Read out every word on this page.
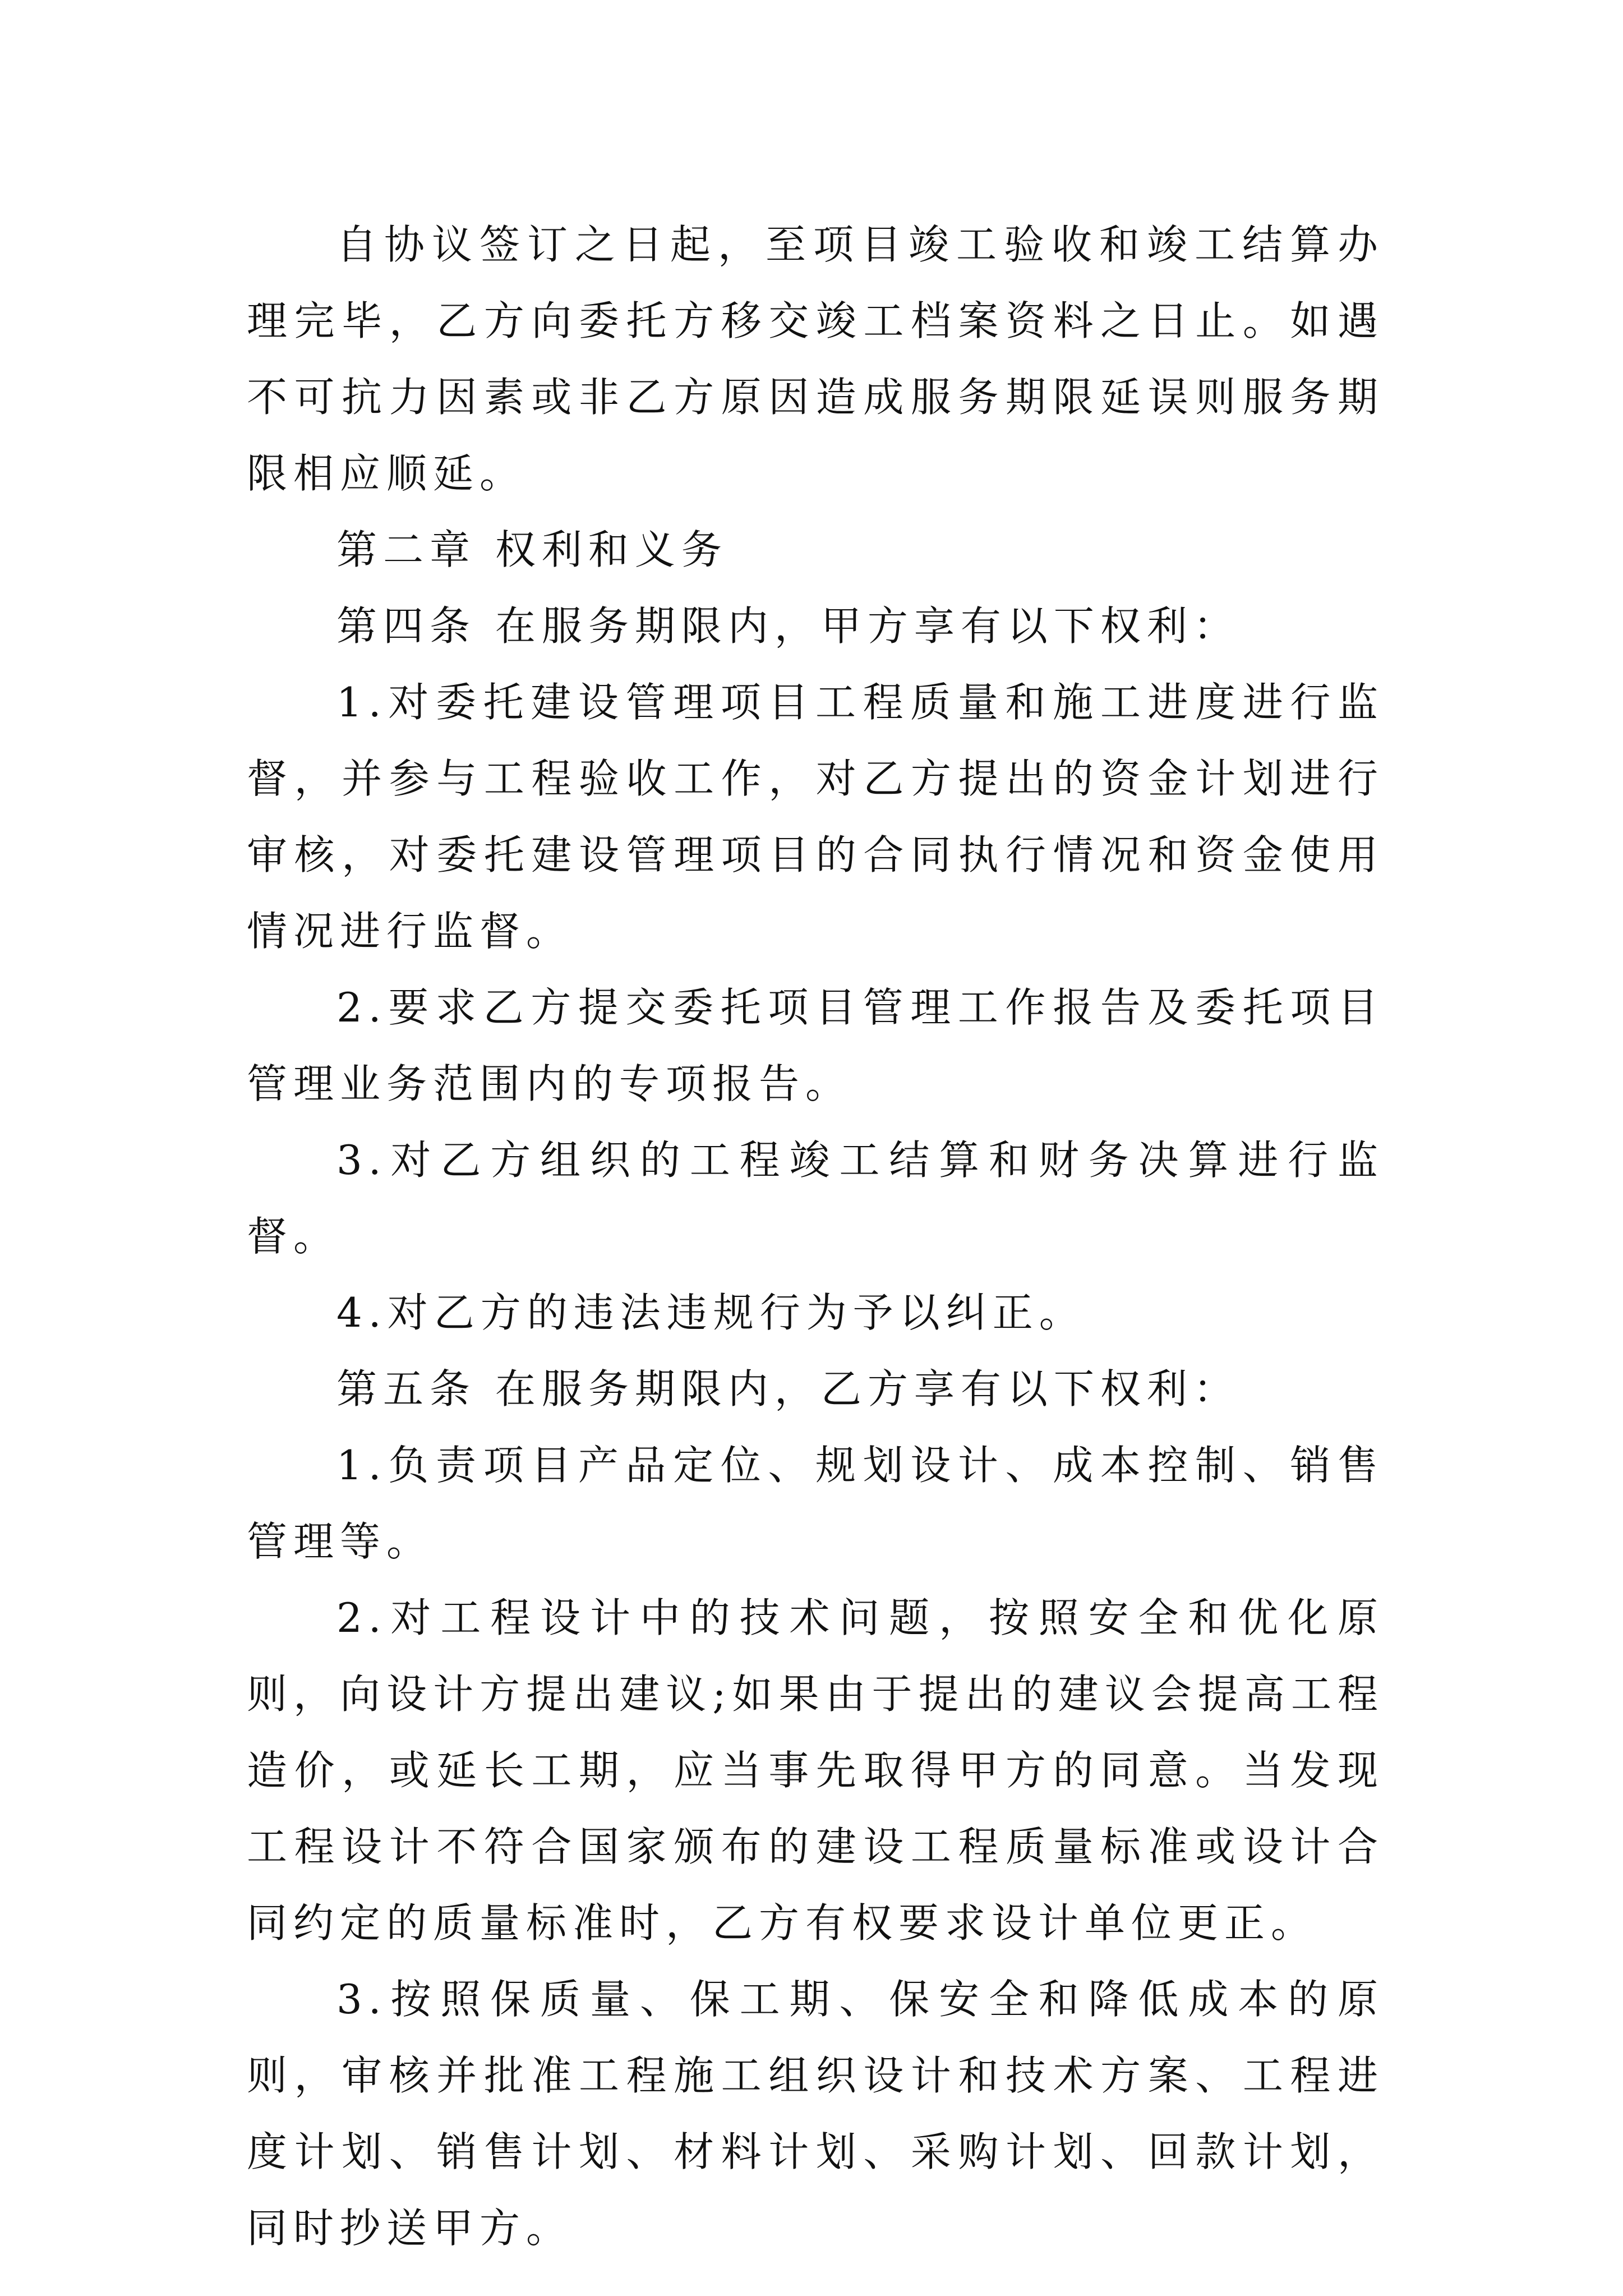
自协议签订之日起，至项目竣工验收和竣工结算办理完毕，乙方向委托方移交竣工档案资料之日止。如遇不可抗力因素或非乙方原因造成服务期限延误则服务期限相应顺延。

第二章 权利和义务

第四条 在服务期限内，甲方享有以下权利：

1.对委托建设管理项目工程质量和施工进度进行监督，并参与工程验收工作，对乙方提出的资金计划进行审核，对委托建设管理项目的合同执行情况和资金使用情况进行监督。

2.要求乙方提交委托项目管理工作报告及委托项目管理业务范围内的专项报告。

3.对乙方组织的工程竣工结算和财务决算进行监督。

4.对乙方的违法违规行为予以纠正。

第五条 在服务期限内，乙方享有以下权利：

1.负责项目产品定位、规划设计、成本控制、销售管理等。

2.对工程设计中的技术问题，按照安全和优化原则，向设计方提出建议;如果由于提出的建议会提高工程造价，或延长工期，应当事先取得甲方的同意。当发现工程设计不符合国家颁布的建设工程质量标准或设计合同约定的质量标准时，乙方有权要求设计单位更正。

3.按照保质量、保工期、保安全和降低成本的原则，审核并批准工程施工组织设计和技术方案、工程进度计划、销售计划、材料计划、采购计划、回款计划，同时抄送甲方。
